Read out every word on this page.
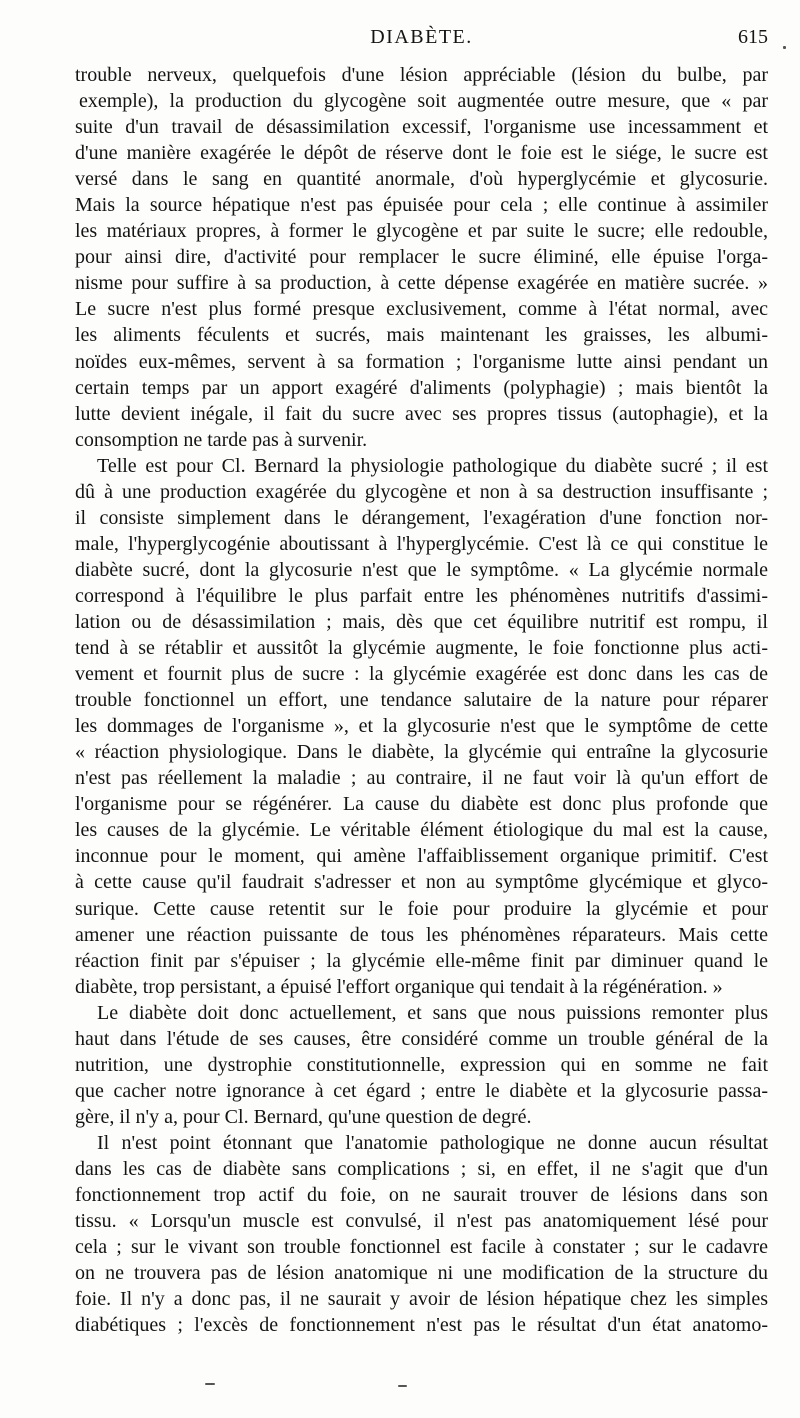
DIABÈTE.	615
trouble nerveux, quelquefois d'une lésion appréciable (lésion du bulbe, par
exemple), la production du glycogène soit augmentée outre mesure, que « par
suite d'un travail de désassimilation excessif, l'organisme use incessamment et
d'une manière exagérée le dépôt de réserve dont le foie est le siége, le sucre est
versé dans le sang en quantité anormale, d'où hyperglycémie et glycosurie.
Mais la source hépatique n'est pas épuisée pour cela ; elle continue à assimiler
les matériaux propres, à former le glycogène et par suite le sucre; elle redouble,
pour ainsi dire, d'activité pour remplacer le sucre éliminé, elle épuise l'orga-
nisme pour suffire à sa production, à cette dépense exagérée en matière sucrée. »
Le sucre n'est plus formé presque exclusivement, comme à l'état normal, avec
les aliments féculents et sucrés, mais maintenant les graisses, les albumi-
noïdes eux-mêmes, servent à sa formation ; l'organisme lutte ainsi pendant un
certain temps par un apport exagéré d'aliments (polyphagie) ; mais bientôt la
lutte devient inégale, il fait du sucre avec ses propres tissus (autophagie), et la
consomption ne tarde pas à survenir.
Telle est pour Cl. Bernard la physiologie pathologique du diabète sucré ; il est
dû à une production exagérée du glycogène et non à sa destruction insuffisante ;
il consiste simplement dans le dérangement, l'exagération d'une fonction nor-
male, l'hyperglycogénie aboutissant à l'hyperglycémie. C'est là ce qui constitue le
diabète sucré, dont la glycosurie n'est que le symptôme. « La glycémie normale
correspond à l'équilibre le plus parfait entre les phénomènes nutritifs d'assimi-
lation ou de désassimilation ; mais, dès que cet équilibre nutritif est rompu, il
tend à se rétablir et aussitôt la glycémie augmente, le foie fonctionne plus acti-
vement et fournit plus de sucre : la glycémie exagérée est donc dans les cas de
trouble fonctionnel un effort, une tendance salutaire de la nature pour réparer
les dommages de l'organisme », et la glycosurie n'est que le symptôme de cette
« réaction physiologique. Dans le diabète, la glycémie qui entraîne la glycosurie
n'est pas réellement la maladie ; au contraire, il ne faut voir là qu'un effort de
l'organisme pour se régénérer. La cause du diabète est donc plus profonde que
les causes de la glycémie. Le véritable élément étiologique du mal est la cause,
inconnue pour le moment, qui amène l'affaiblissement organique primitif. C'est
à cette cause qu'il faudrait s'adresser et non au symptôme glycémique et glyco-
surique. Cette cause retentit sur le foie pour produire la glycémie et pour
amener une réaction puissante de tous les phénomènes réparateurs. Mais cette
réaction finit par s'épuiser ; la glycémie elle-même finit par diminuer quand le
diabète, trop persistant, a épuisé l'effort organique qui tendait à la régénération. »
Le diabète doit donc actuellement, et sans que nous puissions remonter plus
haut dans l'étude de ses causes, être considéré comme un trouble général de la
nutrition, une dystrophie constitutionnelle, expression qui en somme ne fait
que cacher notre ignorance à cet égard ; entre le diabète et la glycosurie passa-
gère, il n'y a, pour Cl. Bernard, qu'une question de degré.
Il n'est point étonnant que l'anatomie pathologique ne donne aucun résultat
dans les cas de diabète sans complications ; si, en effet, il ne s'agit que d'un
fonctionnement trop actif du foie, on ne saurait trouver de lésions dans son
tissu. « Lorsqu'un muscle est convulsé, il n'est pas anatomiquement lésé pour
cela ; sur le vivant son trouble fonctionnel est facile à constater ; sur le cadavre
on ne trouvera pas de lésion anatomique ni une modification de la structure du
foie. Il n'y a donc pas, il ne saurait y avoir de lésion hépatique chez les simples
diabétiques ; l'excès de fonctionnement n'est pas le résultat d'un état anatomo-
